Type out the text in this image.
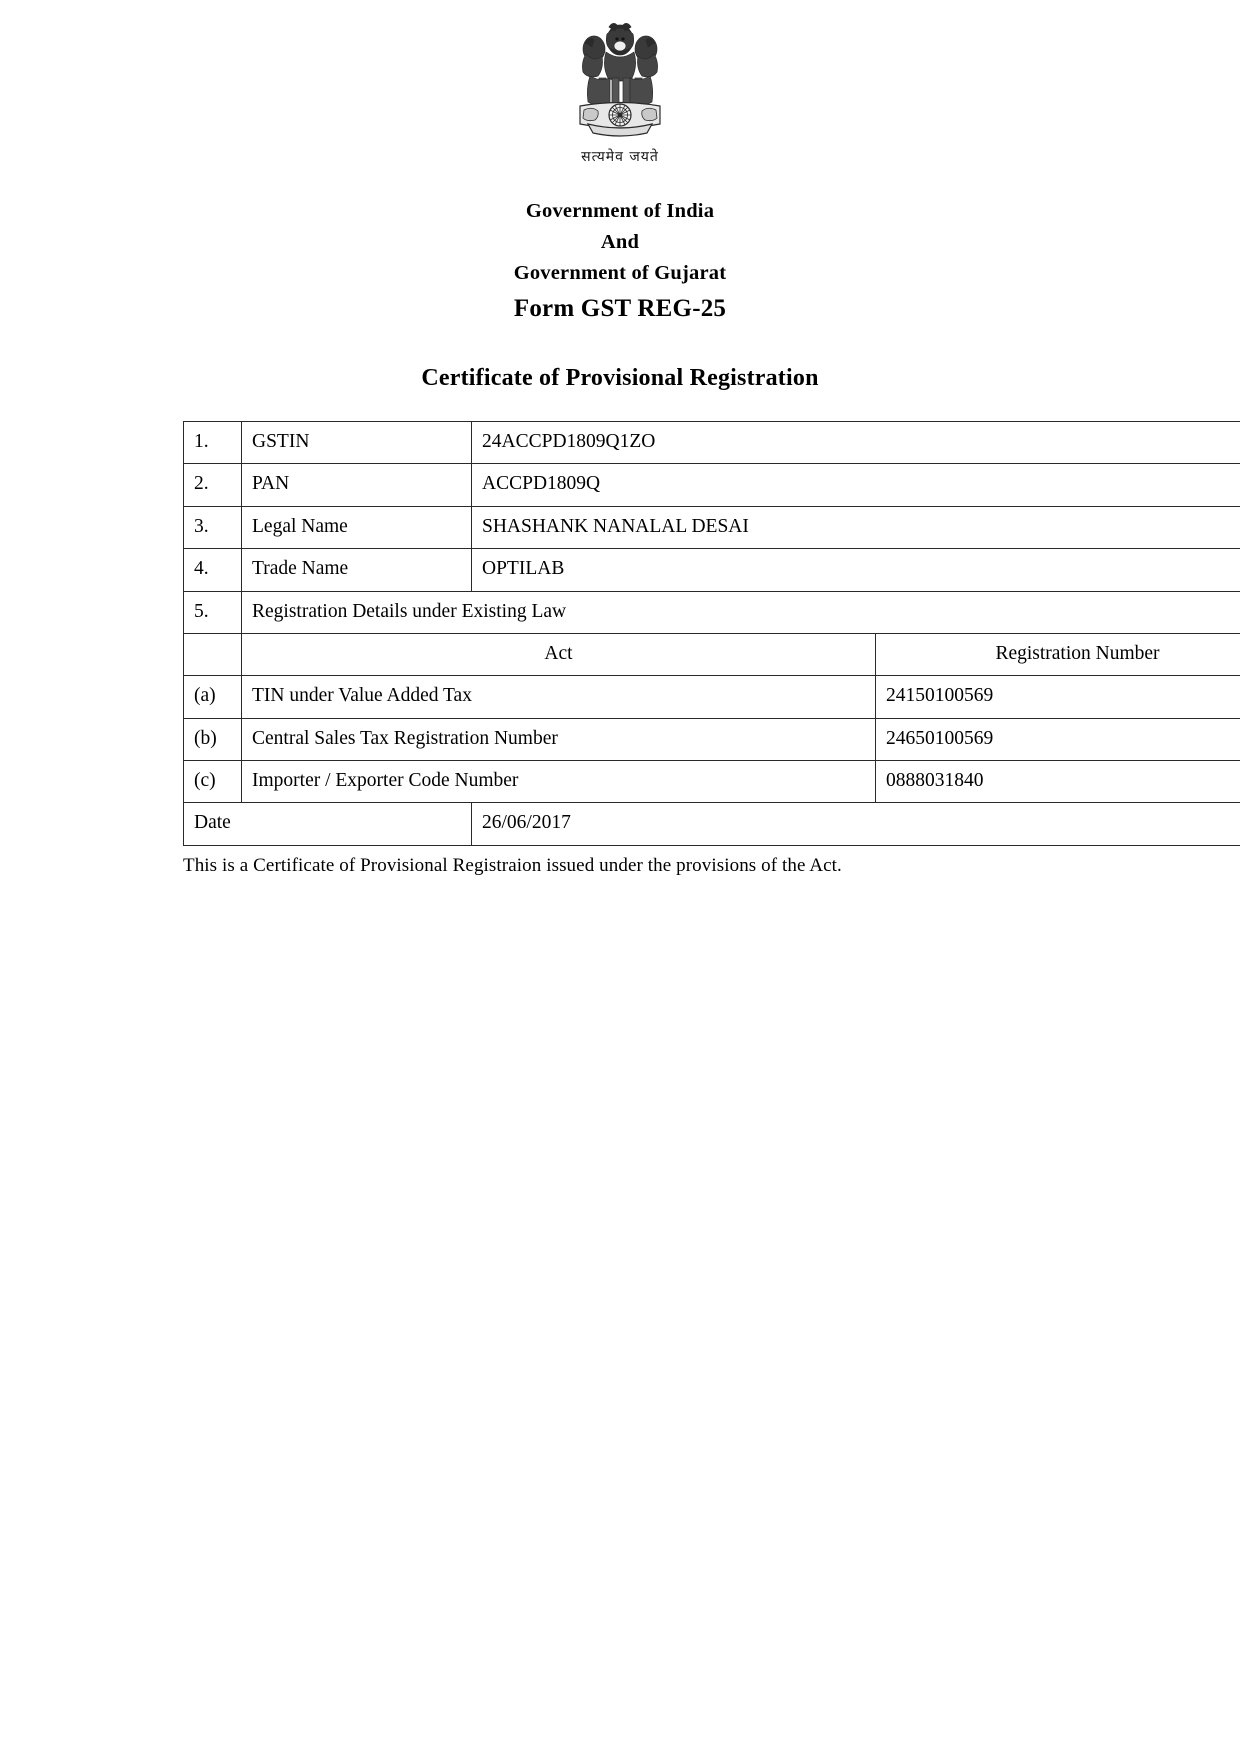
सत्यमेव जयते
Government of India
And
Government of Gujarat
Form GST REG-25
Certificate of Provisional Registration
1.	GSTIN	24ACCPD1809Q1ZO	
2.	PAN	ACCPD1809Q	
3.	Legal Name	SHASHANK NANALAL DESAI	
4.	Trade Name	OPTILAB	
5.	Registration Details under Existing Law		
	Act		Registration Number
(a)	TIN under Value Added Tax		24150100569
(b)	Central Sales Tax Registration Number		24650100569
(c)	Importer / Exporter Code Number		0888031840
Date		26/06/2017	
This is a Certificate of Provisional Registraion issued under the provisions of the Act.
